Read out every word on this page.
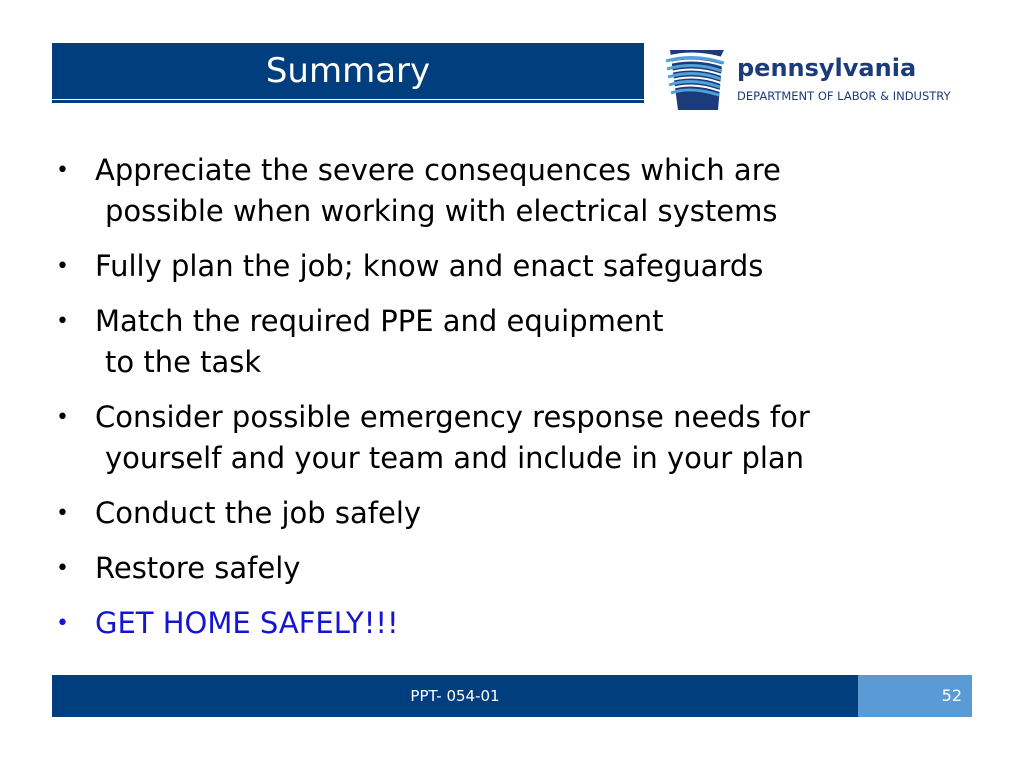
Summary	pennsylvania
DEPARTMENT OF LABOR & INDUSTRY
• Appreciate the severe consequences which are
possible when working with electrical systems
• Fully plan the job; know and enact safeguards
• Match the required PPE and equipment
to the task
• Consider possible emergency response needs for
yourself and your team and include in your plan
• Conduct the job safely
• Restore safely
• GET HOME SAFELY!!!
PPT- 054-01	52
